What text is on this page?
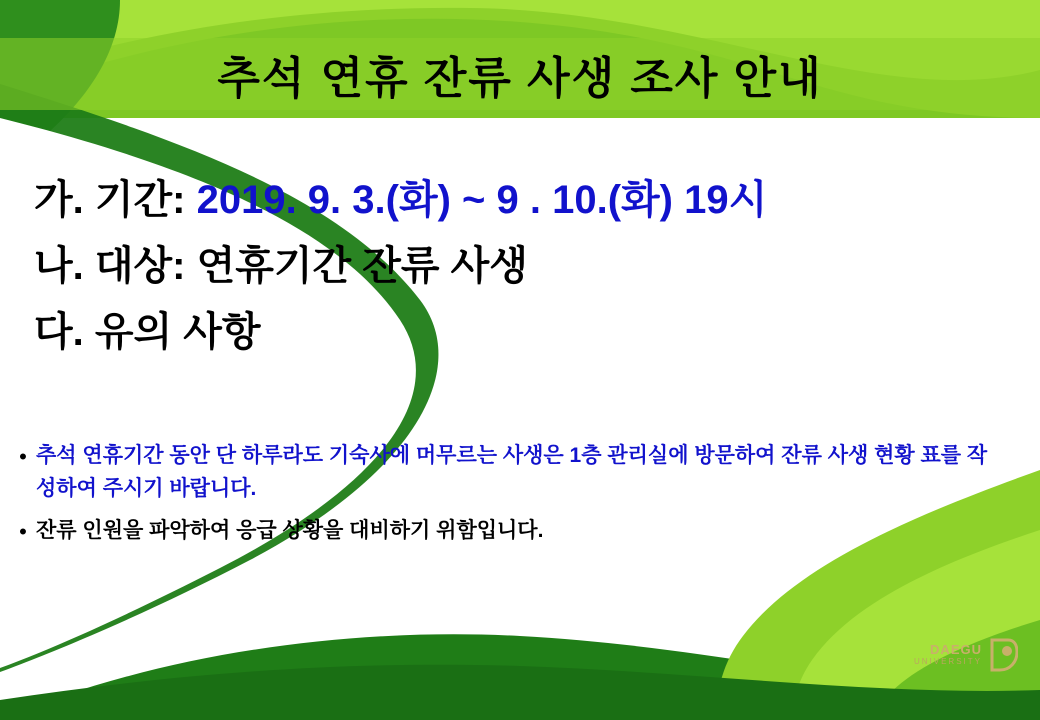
추석 연휴 잔류 사생 조사 안내
가. 기간: 2019. 9. 3.(화) ~ 9 . 10.(화) 19시
나. 대상: 연휴기간 잔류 사생
다. 유의 사항
• 추석 연휴기간 동안 단 하루라도 기숙사에 머무르는 사생은 1층 관리실에 방문하여 잔류 사생 현황 표를 작성하여 주시기 바랍니다.
• 잔류 인원을 파악하여 응급 상황을 대비하기 위함입니다.
DAEGU
UNIVERSITY
